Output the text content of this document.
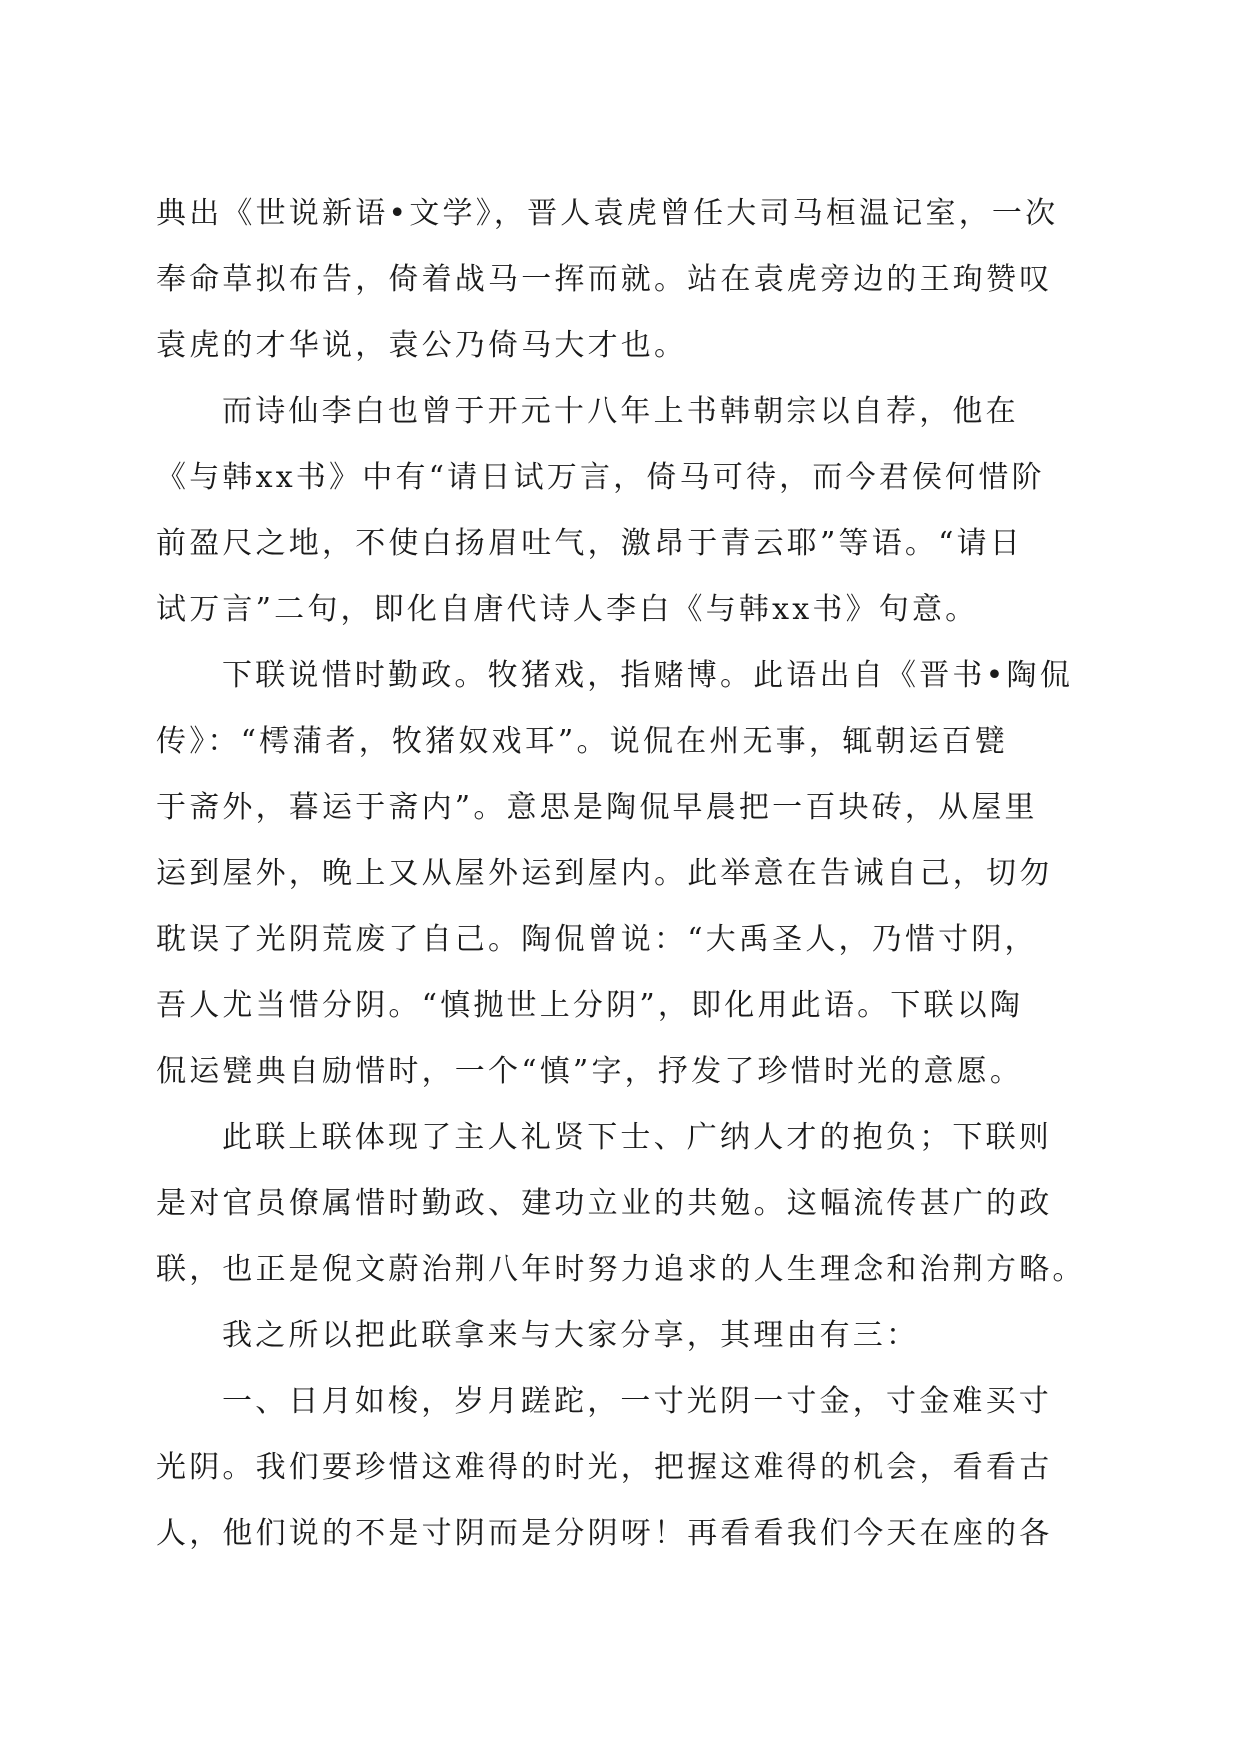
典出《世说新语•文学》，晋人袁虎曾任大司马桓温记室，一次
奉命草拟布告，倚着战马一挥而就。站在袁虎旁边的王珣赞叹
袁虎的才华说，袁公乃倚马大才也。
而诗仙李白也曾于开元十八年上书韩朝宗以自荐，他在
《与韩xx书》中有“请日试万言，倚马可待，而今君侯何惜阶
前盈尺之地，不使白扬眉吐气，激昂于青云耶”等语。“请日
试万言”二句，即化自唐代诗人李白《与韩xx书》句意。
下联说惜时勤政。牧猪戏，指赌博。此语出自《晋书•陶侃
传》：“樗蒲者，牧猪奴戏耳”。说侃在州无事，辄朝运百甓
于斋外，暮运于斋内”。意思是陶侃早晨把一百块砖，从屋里
运到屋外，晚上又从屋外运到屋内。此举意在告诫自己，切勿
耽误了光阴荒废了自己。陶侃曾说：“大禹圣人，乃惜寸阴，
吾人尤当惜分阴。“慎抛世上分阴”，即化用此语。下联以陶
侃运甓典自励惜时，一个“慎”字，抒发了珍惜时光的意愿。
此联上联体现了主人礼贤下士、广纳人才的抱负；下联则
是对官员僚属惜时勤政、建功立业的共勉。这幅流传甚广的政
联，也正是倪文蔚治荆八年时努力追求的人生理念和治荆方略。
我之所以把此联拿来与大家分享，其理由有三：
一、日月如梭，岁月蹉跎，一寸光阴一寸金，寸金难买寸
光阴。我们要珍惜这难得的时光，把握这难得的机会，看看古
人，他们说的不是寸阴而是分阴呀！再看看我们今天在座的各
